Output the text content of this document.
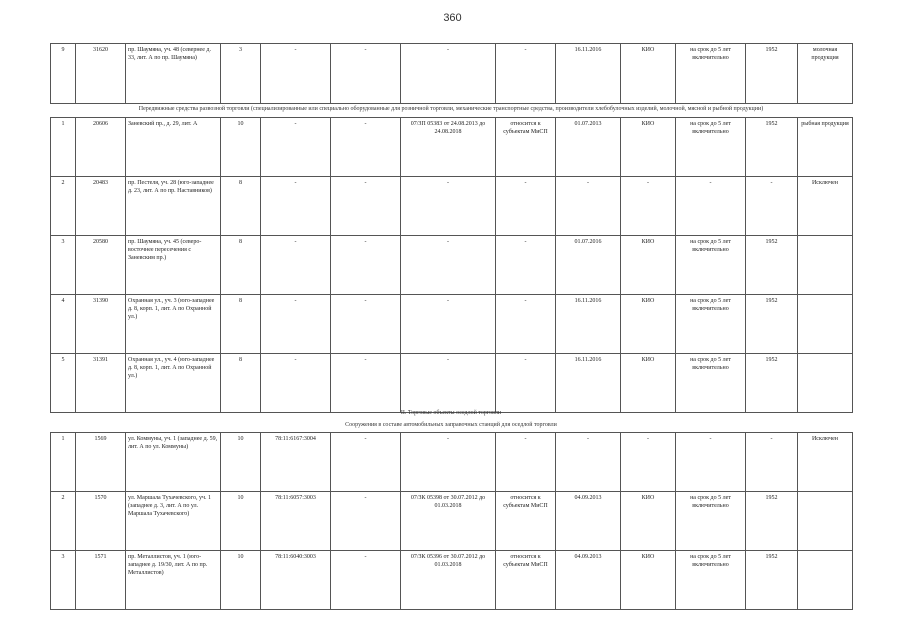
360
9	31620	пр. Шаумяна, уч. 48 (севернее д. 33, лит. А по пр. Шаумяна)	3	-	-	-	-	16.11.2016	КИО	на срок до 5 лет включительно	1952	молочная продукция
Передвижные средства развозной торговли (специализированные или специально оборудованные для розничной торговли, механические транспортные средства, производители хлебобулочных изделий, молочной, мясной и рыбной продукции)
1	20606	Заневский пр., д. 29, лит. А	10	-	-	07/ЗП 05383 от 24.08.2013 до 24.08.2018	относится к субъектам МиСП	01.07.2013	КИО	на срок до 5 лет включительно	1952	рыбная продукция
2	20483	пр. Пестеля, уч. 28 (юго-западнее д. 23, лит. А по пр. Наставников)	8	-	-	-	-	-	-	-	-	Исключен
3	20580	пр. Шаумяна, уч. 45 (северо-восточнее пересечения с Заневским пр.)	8	-	-	-	-	01.07.2016	КИО	на срок до 5 лет включительно	1952	
4	31390	Охранная ул., уч. 3 (юго-западнее д. 8, корп. 1, лит. А по Охранной ул.)	8	-	-	-	-	16.11.2016	КИО	на срок до 5 лет включительно	1952	
5	31391	Охранная ул., уч. 4 (юго-западнее д. 8, корп. 1, лит. А по Охранной ул.)	8	-	-	-	-	16.11.2016	КИО	на срок до 5 лет включительно	1952	
II. Торговые объекты оседлой торговли
Сооружения в составе автомобильных заправочных станций для оседлой торговли
1	1569	ул. Коммуны, уч. 1 (западнее д. 59, лит. А по ул. Коммуны)	10	78:11:6167:3004	-	-	-	-	-	-	-	Исключен
2	1570	ул. Маршала Тухачевского, уч. 1 (западнее д. 3, лит. А по ул. Маршала Тухачевского)	10	78:11:6057:3003	-	07/ЗК 05398 от 30.07.2012 до 01.03.2018	относится к субъектам МиСП	04.09.2013	КИО	на срок до 5 лет включительно	1952	
3	1571	пр. Металлистов, уч. 1 (юго-западнее д. 19/30, лит. А по пр. Металлистов)	10	78:11:6040:3003	-	07/ЗК 05396 от 30.07.2012 до 01.03.2018	относится к субъектам МиСП	04.09.2013	КИО	на срок до 5 лет включительно	1952	
